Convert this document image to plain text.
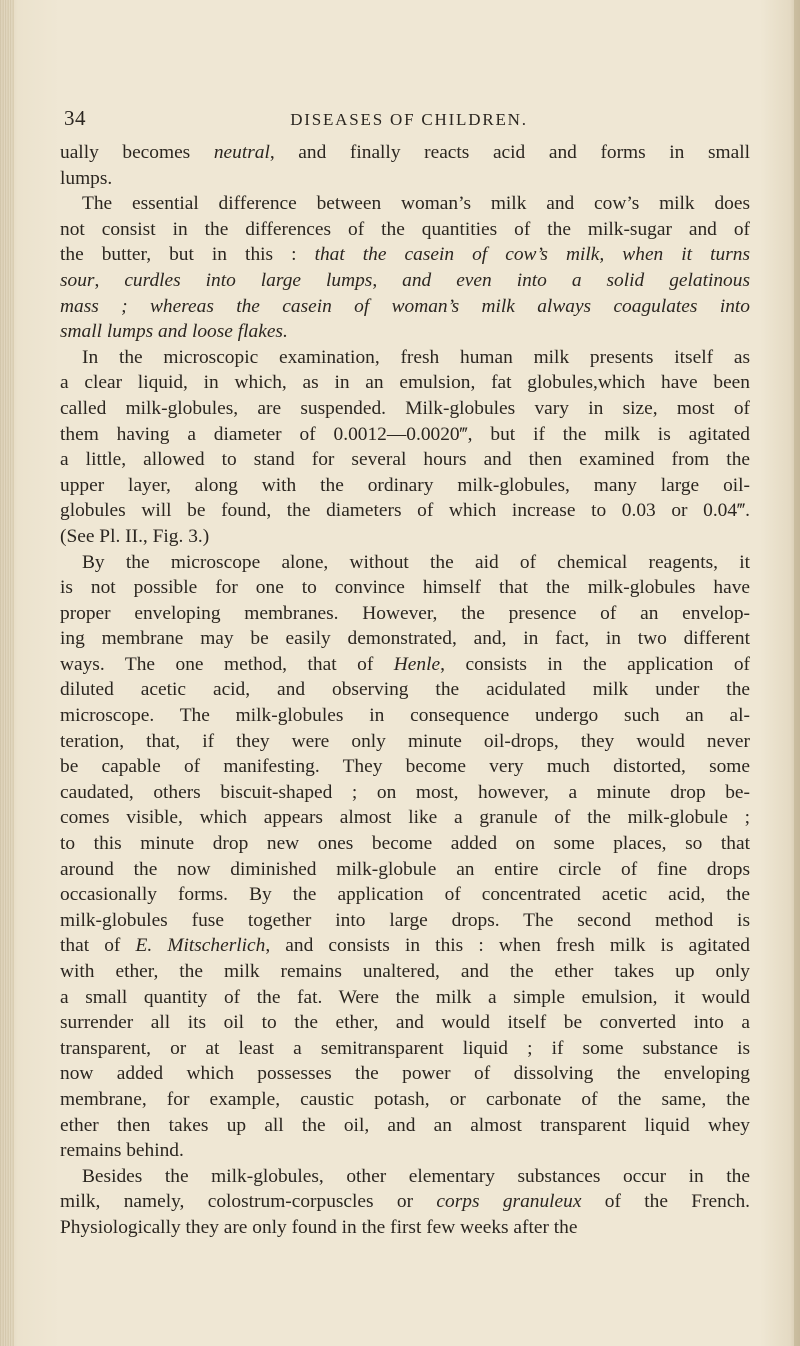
34	DISEASES OF CHILDREN.
ually becomes neutral, and finally reacts acid and forms in small
lumps.
The essential difference between woman’s milk and cow’s milk does
not consist in the differences of the quantities of the milk-sugar and of
the butter, but in this : that the casein of cow’s milk, when it turns
sour, curdles into large lumps, and even into a solid gelatinous
mass ; whereas the casein of woman’s milk always coagulates into
small lumps and loose flakes.
In the microscopic examination, fresh human milk presents itself as
a clear liquid, in which, as in an emulsion, fat globules,which have been
called milk-globules, are suspended. Milk-globules vary in size, most of
them having a diameter of 0.0012—0.0020‴, but if the milk is agitated
a little, allowed to stand for several hours and then examined from the
upper layer, along with the ordinary milk-globules, many large oil-
globules will be found, the diameters of which increase to 0.03 or 0.04‴.
(See Pl. II., Fig. 3.)
By the microscope alone, without the aid of chemical reagents, it
is not possible for one to convince himself that the milk-globules have
proper enveloping membranes. However, the presence of an envelop-
ing membrane may be easily demonstrated, and, in fact, in two different
ways. The one method, that of Henle, consists in the application of
diluted acetic acid, and observing the acidulated milk under the
microscope. The milk-globules in consequence undergo such an al-
teration, that, if they were only minute oil-drops, they would never
be capable of manifesting. They become very much distorted, some
caudated, others biscuit-shaped ; on most, however, a minute drop be-
comes visible, which appears almost like a granule of the milk-globule ;
to this minute drop new ones become added on some places, so that
around the now diminished milk-globule an entire circle of fine drops
occasionally forms. By the application of concentrated acetic acid, the
milk-globules fuse together into large drops. The second method is
that of E. Mitscherlich, and consists in this : when fresh milk is agitated
with ether, the milk remains unaltered, and the ether takes up only
a small quantity of the fat. Were the milk a simple emulsion, it would
surrender all its oil to the ether, and would itself be converted into a
transparent, or at least a semitransparent liquid ; if some substance is
now added which possesses the power of dissolving the enveloping
membrane, for example, caustic potash, or carbonate of the same, the
ether then takes up all the oil, and an almost transparent liquid whey
remains behind.
Besides the milk-globules, other elementary substances occur in the
milk, namely, colostrum-corpuscles or corps granuleux of the French.
Physiologically they are only found in the first few weeks after the
